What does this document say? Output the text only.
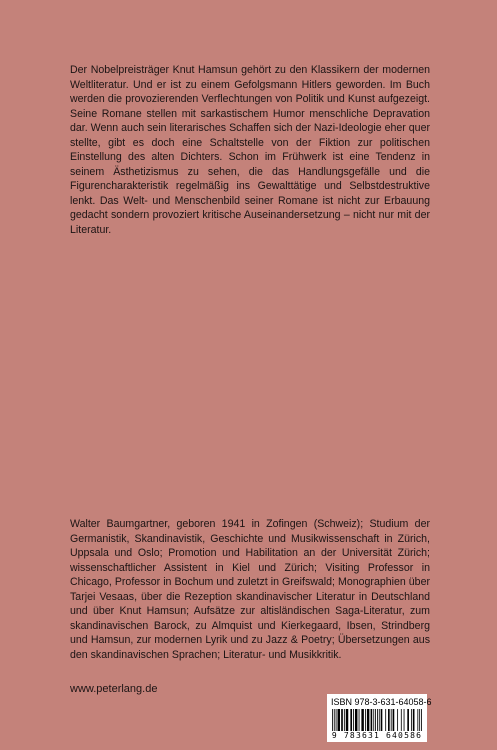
Der Nobelpreisträger Knut Hamsun gehört zu den Klassikern der modernen Weltliteratur. Und er ist zu einem Gefolgsmann Hitlers geworden. Im Buch werden die provozierenden Verflechtungen von Politik und Kunst aufgezeigt. Seine Romane stellen mit sarkastischem Humor menschliche Depravation dar. Wenn auch sein literarisches Schaffen sich der Nazi-Ideologie eher quer stellte, gibt es doch eine Schaltstelle von der Fiktion zur politischen Einstellung des alten Dichters. Schon im Frühwerk ist eine Tendenz in seinem Ästhetizismus zu sehen, die das Handlungsgefälle und die Figurencharakteristik regelmäßig ins Gewalttätige und Selbstdestruktive lenkt. Das Welt- und Menschenbild seiner Romane ist nicht zur Erbauung gedacht sondern provoziert kritische Auseinandersetzung – nicht nur mit der Literatur.

Walter Baumgartner, geboren 1941 in Zofingen (Schweiz); Studium der Germanistik, Skandinavistik, Geschichte und Musikwissenschaft in Zürich, Uppsala und Oslo; Promotion und Habilitation an der Universität Zürich; wissenschaftlicher Assistent in Kiel und Zürich; Visiting Professor in Chicago, Professor in Bochum und zuletzt in Greifswald; Monographien über Tarjei Vesaas, über die Rezeption skandinavischer Literatur in Deutschland und über Knut Hamsun; Aufsätze zur altisländischen Saga-Literatur, zum skandinavischen Barock, zu Almquist und Kierkegaard, Ibsen, Strindberg und Hamsun, zur modernen Lyrik und zu Jazz & Poetry; Übersetzungen aus den skandinavischen Sprachen; Literatur- und Musikkritik.

www.peterlang.de

ISBN 978-3-631-64058-6

9 783631 640586
